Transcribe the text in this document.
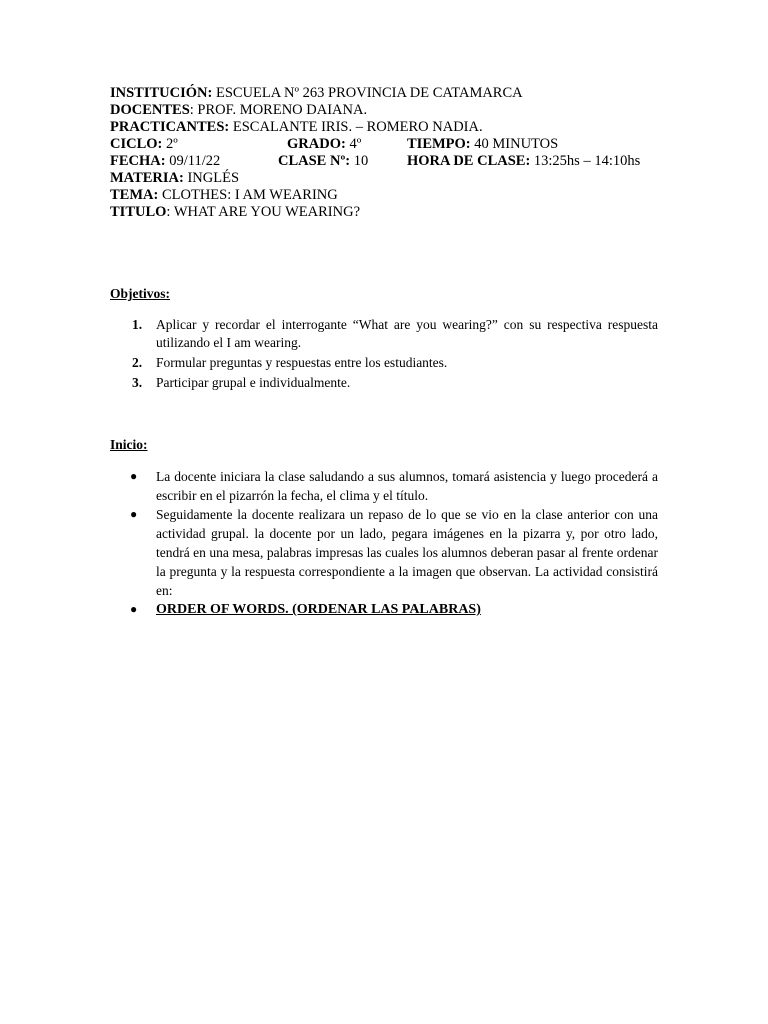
INSTITUCIÓN: ESCUELA Nº 263 PROVINCIA DE CATAMARCA
DOCENTES: PROF. MORENO DAIANA.
PRACTICANTES: ESCALANTE IRIS. – ROMERO NADIA.
CICLO: 2º	GRADO: 4º	TIEMPO: 40 MINUTOS
FECHA: 09/11/22	CLASE Nº: 10	HORA DE CLASE: 13:25hs – 14:10hs
MATERIA: INGLÉS
TEMA: CLOTHES: I AM WEARING
TITULO: WHAT ARE YOU WEARING?
Objetivos:
1. Aplicar y recordar el interrogante “What are you wearing?” con su respectiva respuesta utilizando el I am wearing.
2. Formular preguntas y respuestas entre los estudiantes.
3. Participar grupal e individualmente.
Inicio:
● La docente iniciara la clase saludando a sus alumnos, tomará asistencia y luego procederá a escribir en el pizarrón la fecha, el clima y el título.
● Seguidamente la docente realizara un repaso de lo que se vio en la clase anterior con una actividad grupal. la docente por un lado, pegara imágenes en la pizarra y, por otro lado, tendrá en una mesa, palabras impresas las cuales los alumnos deberan pasar al frente ordenar la pregunta y la respuesta correspondiente a la imagen que observan. La actividad consistirá en:
● ORDER OF WORDS. (ORDENAR LAS PALABRAS)
